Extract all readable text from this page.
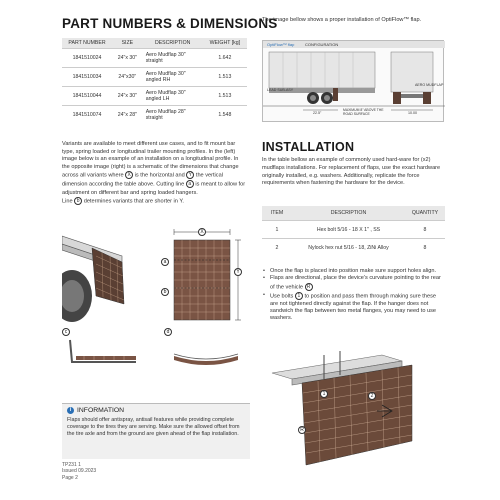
PART NUMBERS & DIMENSIONS
PART NUMBER	SIZE	DESCRIPTION	WEIGHT [kg]
1841510024	24"x 30"	Aero Mudflap 30" straight	1.642
1841510034	24"x30"	Aero Mudflap 30" angled RH	1.513
1841510044	24"x 30"	Aero Mudflap 30" angled LH	1.513
1841510074	24"x 28"	Aero Mudflap 28" straight	1.548

Variants are available to meet different use cases, and to fit mount bar type, spring loaded or longitudinal trailer mounting profiles. In the (left) image below is an example of an installation on a longitudinal profile. In the opposite image (right) is a schematic of the dimensions that change across all variants where X is the horizontal and Y the vertical dimension according the table above. Cutting line a is meant to allow for adjustment on different bar and spring loaded hangers.
Line b determines variants that are shorter in Y.

X
Y
a
b
c	d
i INFORMATION

Flaps should offer antispray, antisail features while providing complete coverage to the tires they are serving. Make sure the allowed offset from the tire axle and from the ground are given ahead of the flap installation.

TP231 1
Issued 09.2023
Page 2

The image bellow shows a proper installation of OptiFlow™ flap.

OptiFlow™ flap	CONFIGURATION
LEAD SUB-ASY
AERO MUDFLAP
22.5"	10.00
MAXIMUM 8" ABOVE THE ROAD SURFACE
INSTALLATION

In the table bellow an example of commonly used hard-ware for (x2) mudflaps installations. For replacement of flaps, use the exact hardware originally installed, e.g. washers. Additionally, replicate the force requirements when fastening the hardware for the device.

ITEM	DESCRIPTION	QUANTITY
1	Hex bolt 5/16 - 18 X 1" , SS	8
2	Nylock hex nut 5/16 - 18, ZiNi Alloy	8
• Once the flap is placed into position make sure support holes align.
• Flaps are directional, place the device's curvature pointing to the rear of the vehicle R
• Use bolts 1 to position and pass them through making sure these are not tightened directly against the flap. If the hanger does not sandwich the flap between two metal flanges, you may need to use washers.
1	2
R
